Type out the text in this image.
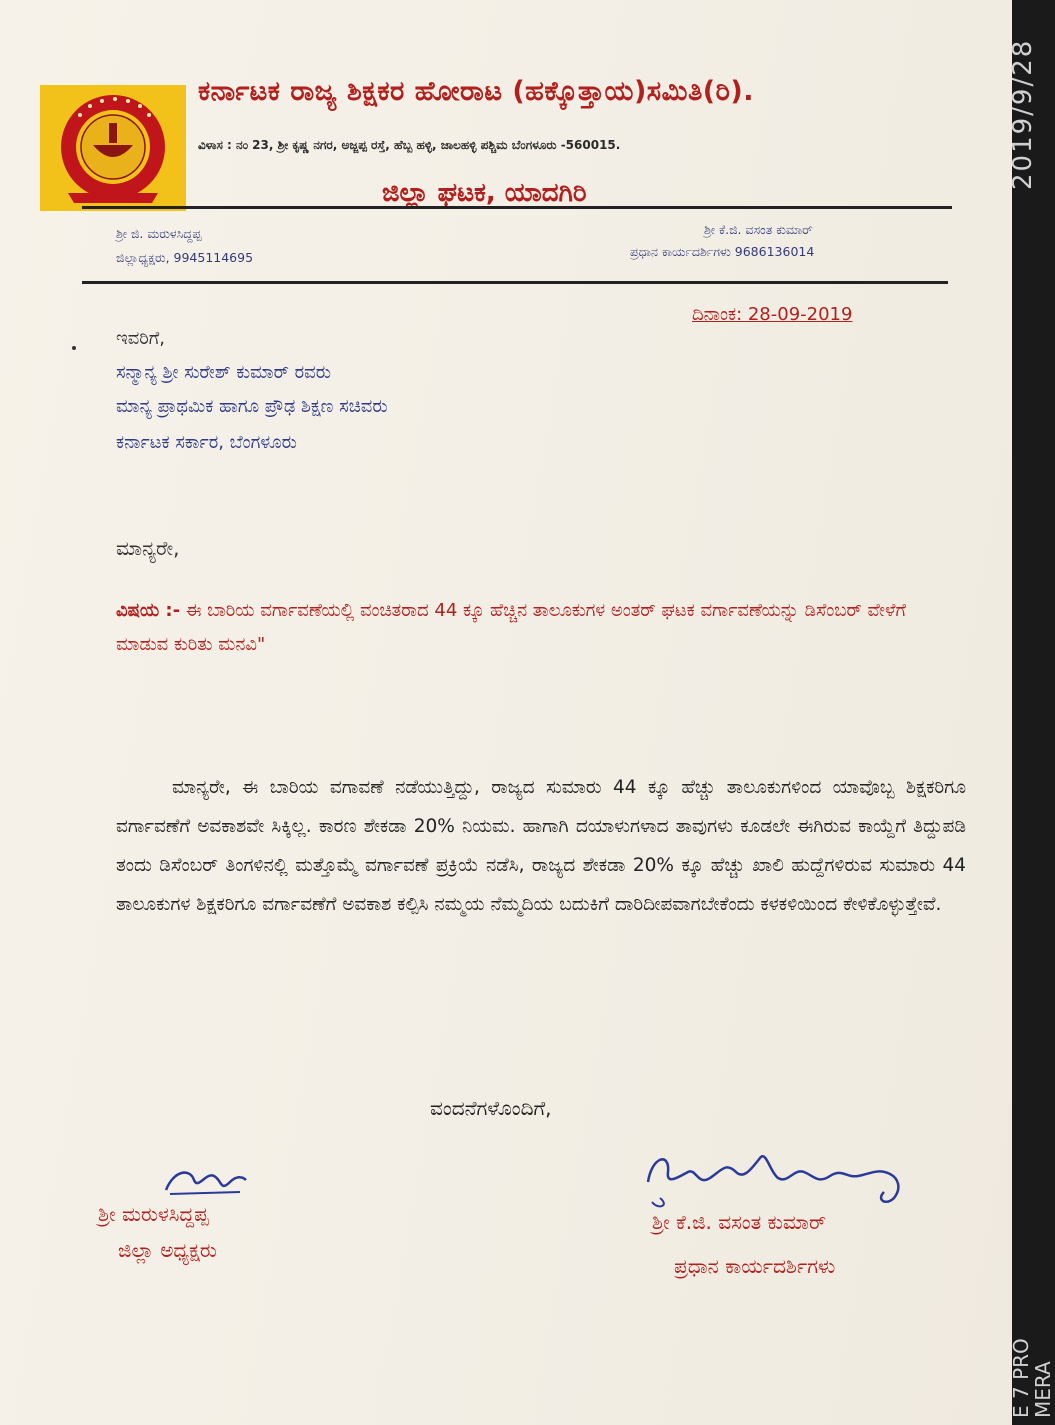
ಕರ್ನಾಟಕ ರಾಜ್ಯ ಶಿಕ್ಷಕರ ಹೋರಾಟ (ಹಕ್ಕೊತ್ತಾಯ)ಸಮಿತಿ(ರಿ).
ವಿಳಾಸ : ನಂ 23, ಶ್ರೀ ಕೃಷ್ಣ ನಗರ, ಅಜ್ಜಪ್ಪ ರಸ್ತೆ, ಹೆಬ್ಬ ಹಳ್ಳಿ, ಜಾಲಹಳ್ಳಿ ಪಶ್ಚಿಮ ಬೆಂಗಳೂರು -560015.
ಜಿಲ್ಲಾ ಘಟಕ, ಯಾದಗಿರಿ
ಶ್ರೀ ಜಿ. ಮರುಳಸಿದ್ದಪ್ಪ
ಜಿಲ್ಲಾಧ್ಯಕ್ಷರು, 9945114695
ಶ್ರೀ ಕೆ.ಜಿ. ವಸಂತ ಕುಮಾರ್
ಪ್ರಧಾನ ಕಾರ್ಯದರ್ಶಿಗಳು 9686136014
ದಿನಾಂಕ: 28-09-2019
ಇವರಿಗೆ,
ಸನ್ಮಾನ್ಯ ಶ್ರೀ ಸುರೇಶ್ ಕುಮಾರ್ ರವರು
ಮಾನ್ಯ ಪ್ರಾಥಮಿಕ ಹಾಗೂ ಪ್ರೌಢ ಶಿಕ್ಷಣ ಸಚಿವರು
ಕರ್ನಾಟಕ ಸರ್ಕಾರ, ಬೆಂಗಳೂರು
ಮಾನ್ಯರೇ,
ವಿಷಯ :- ಈ ಬಾರಿಯ ವರ್ಗಾವಣೆಯಲ್ಲಿ ವಂಚಿತರಾದ 44 ಕ್ಕೂ ಹೆಚ್ಚಿನ ತಾಲೂಕುಗಳ ಅಂತರ್ ಘಟಕ ವರ್ಗಾವಣೆಯನ್ನು ಡಿಸೆಂಬರ್ ವೇಳೆಗೆ ಮಾಡುವ ಕುರಿತು ಮನವಿ"
ಮಾನ್ಯರೇ, ಈ ಬಾರಿಯ ವಗಾವಣೆ ನಡೆಯುತ್ತಿದ್ದು, ರಾಜ್ಯದ ಸುಮಾರು 44 ಕ್ಕೂ ಹೆಚ್ಚು ತಾಲೂಕುಗಳಿಂದ ಯಾವೊಬ್ಬ ಶಿಕ್ಷಕರಿಗೂ ವರ್ಗಾವಣೆಗೆ ಅವಕಾಶವೇ ಸಿಕ್ಕಿಲ್ಲ. ಕಾರಣ ಶೇಕಡಾ 20% ನಿಯಮ. ಹಾಗಾಗಿ ದಯಾಳುಗಳಾದ ತಾವುಗಳು ಕೂಡಲೇ ಈಗಿರುವ ಕಾಯ್ದೆಗೆ ತಿದ್ದುಪಡಿ ತಂದು ಡಿಸೆಂಬರ್ ತಿಂಗಳಿನಲ್ಲಿ ಮತ್ತೊಮ್ಮೆ ವರ್ಗಾವಣೆ ಪ್ರಕ್ರಿಯೆ ನಡೆಸಿ, ರಾಜ್ಯದ ಶೇಕಡಾ 20% ಕ್ಕೂ ಹೆಚ್ಚು ಖಾಲಿ ಹುದ್ದೆಗಳಿರುವ ಸುಮಾರು 44 ತಾಲೂಕುಗಳ ಶಿಕ್ಷಕರಿಗೂ ವರ್ಗಾವಣೆಗೆ ಅವಕಾಶ ಕಲ್ಪಿಸಿ ನಮ್ಮಯ ನೆಮ್ಮದಿಯ ಬದುಕಿಗೆ ದಾರಿದೀಪವಾಗಬೇಕೆಂದು ಕಳಕಳಿಯಿಂದ ಕೇಳಿಕೊಳ್ಳುತ್ತೇವೆ.
ವಂದನೆಗಳೊಂದಿಗೆ,
ಶ್ರೀ ಮರುಳಸಿದ್ದಪ್ಪ
ಜಿಲ್ಲಾ ಅಧ್ಯಕ್ಷರು
ಶ್ರೀ ಕೆ.ಜಿ. ವಸಂತ ಕುಮಾರ್
ಪ್ರಧಾನ ಕಾರ್ಯದರ್ಶಿಗಳು
2019/9/28
E 7 PRO
MERA
